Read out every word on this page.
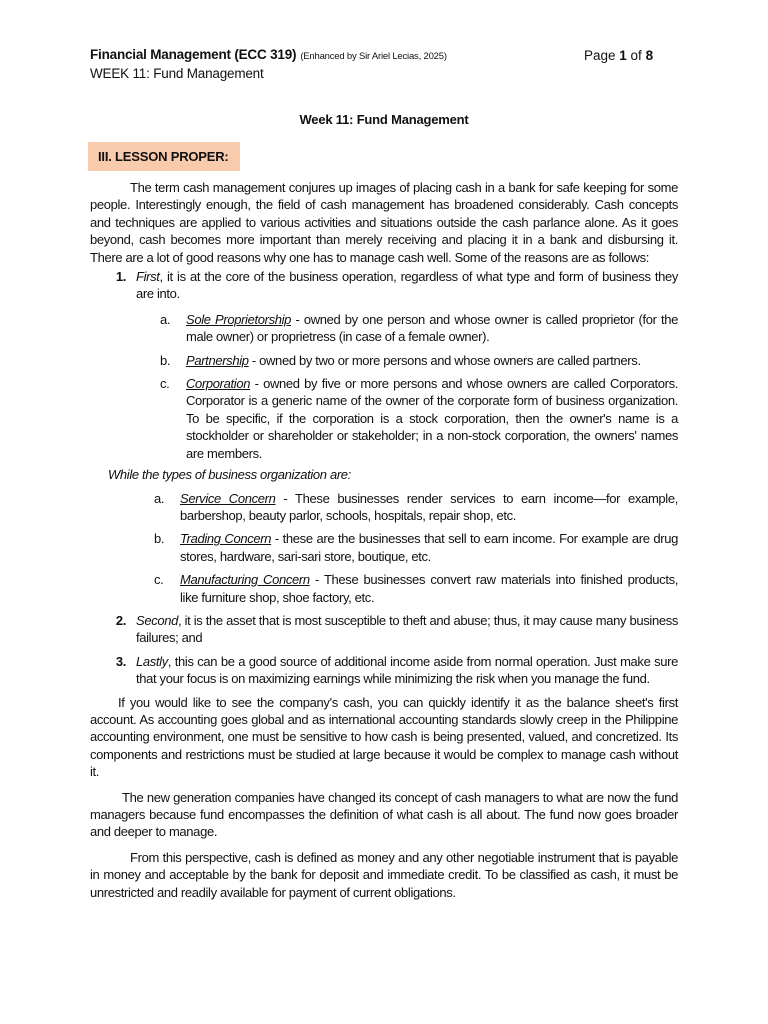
Financial Management (ECC 319) (Enhanced by Sir Ariel Lecias, 2025)
WEEK 11: Fund Management
Page 1 of 8
Week 11: Fund Management
III. LESSON PROPER:

The term cash management conjures up images of placing cash in a bank for safe keeping for some people. Interestingly enough, the field of cash management has broadened considerably. Cash concepts and techniques are applied to various activities and situations outside the cash parlance alone. As it goes beyond, cash becomes more important than merely receiving and placing it in a bank and disbursing it. There are a lot of good reasons why one has to manage cash well. Some of the reasons are as follows:

1. First, it is at the core of the business operation, regardless of what type and form of business they are into.
a.	Sole Proprietorship - owned by one person and whose owner is called proprietor (for the male owner) or proprietress (in case of a female owner).
b.	Partnership - owned by two or more persons and whose owners are called partners.
c.	Corporation - owned by five or more persons and whose owners are called Corporators. Corporator is a generic name of the owner of the corporate form of business organization. To be specific, if the corporation is a stock corporation, then the owner's name is a stockholder or shareholder or stakeholder; in a non-stock corporation, the owners' names are members.
While the types of business organization are:
a.	Service Concern - These businesses render services to earn income—for example, barbershop, beauty parlor, schools, hospitals, repair shop, etc.
b.	Trading Concern - these are the businesses that sell to earn income. For example are drug stores, hardware, sari-sari store, boutique, etc.
c.	Manufacturing Concern - These businesses convert raw materials into finished products, like furniture shop, shoe factory, etc.
2. Second, it is the asset that is most susceptible to theft and abuse; thus, it may cause many business failures; and
3. Lastly, this can be a good source of additional income aside from normal operation. Just make sure that your focus is on maximizing earnings while minimizing the risk when you manage the fund.

If you would like to see the company's cash, you can quickly identify it as the balance sheet's first account. As accounting goes global and as international accounting standards slowly creep in the Philippine accounting environment, one must be sensitive to how cash is being presented, valued, and concretized. Its components and restrictions must be studied at large because it would be complex to manage cash without it.

The new generation companies have changed its concept of cash managers to what are now the fund managers because fund encompasses the definition of what cash is all about. The fund now goes broader and deeper to manage.

From this perspective, cash is defined as money and any other negotiable instrument that is payable in money and acceptable by the bank for deposit and immediate credit. To be classified as cash, it must be unrestricted and readily available for payment of current obligations.
